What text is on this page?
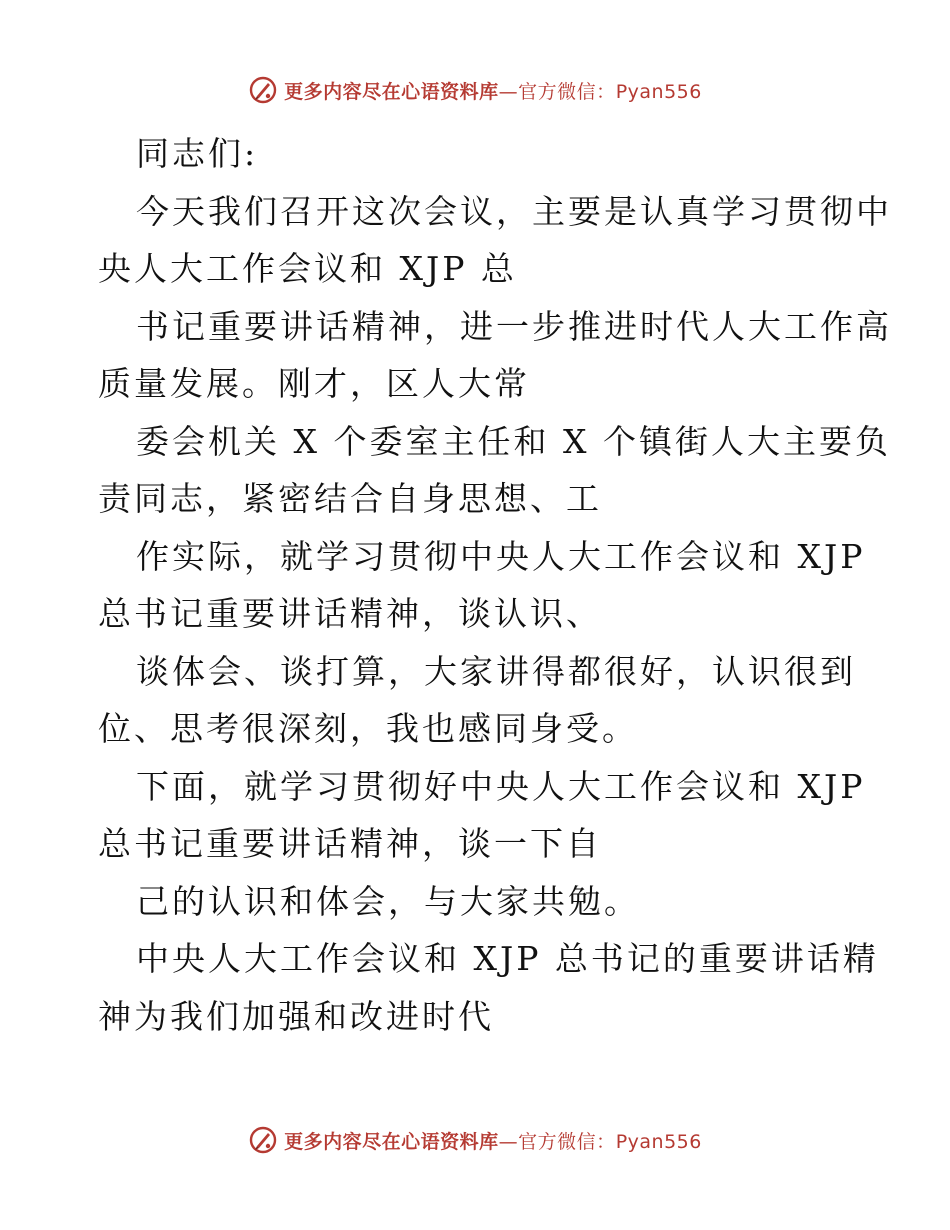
更多内容尽在心语资料库—官方微信：Pyan556
同志们:
今天我们召开这次会议，主要是认真学习贯彻中
央人大工作会议和 XJP 总
书记重要讲话精神，进一步推进时代人大工作高
质量发展。刚才，区人大常
委会机关 X 个委室主任和 X 个镇街人大主要负
责同志，紧密结合自身思想、工
作实际，就学习贯彻中央人大工作会议和 XJP
总书记重要讲话精神，谈认识、
谈体会、谈打算，大家讲得都很好，认识很到
位、思考很深刻，我也感同身受。
下面，就学习贯彻好中央人大工作会议和 XJP
总书记重要讲话精神，谈一下自
己的认识和体会，与大家共勉。
中央人大工作会议和 XJP 总书记的重要讲话精
神为我们加强和改进时代
更多内容尽在心语资料库—官方微信：Pyan556
